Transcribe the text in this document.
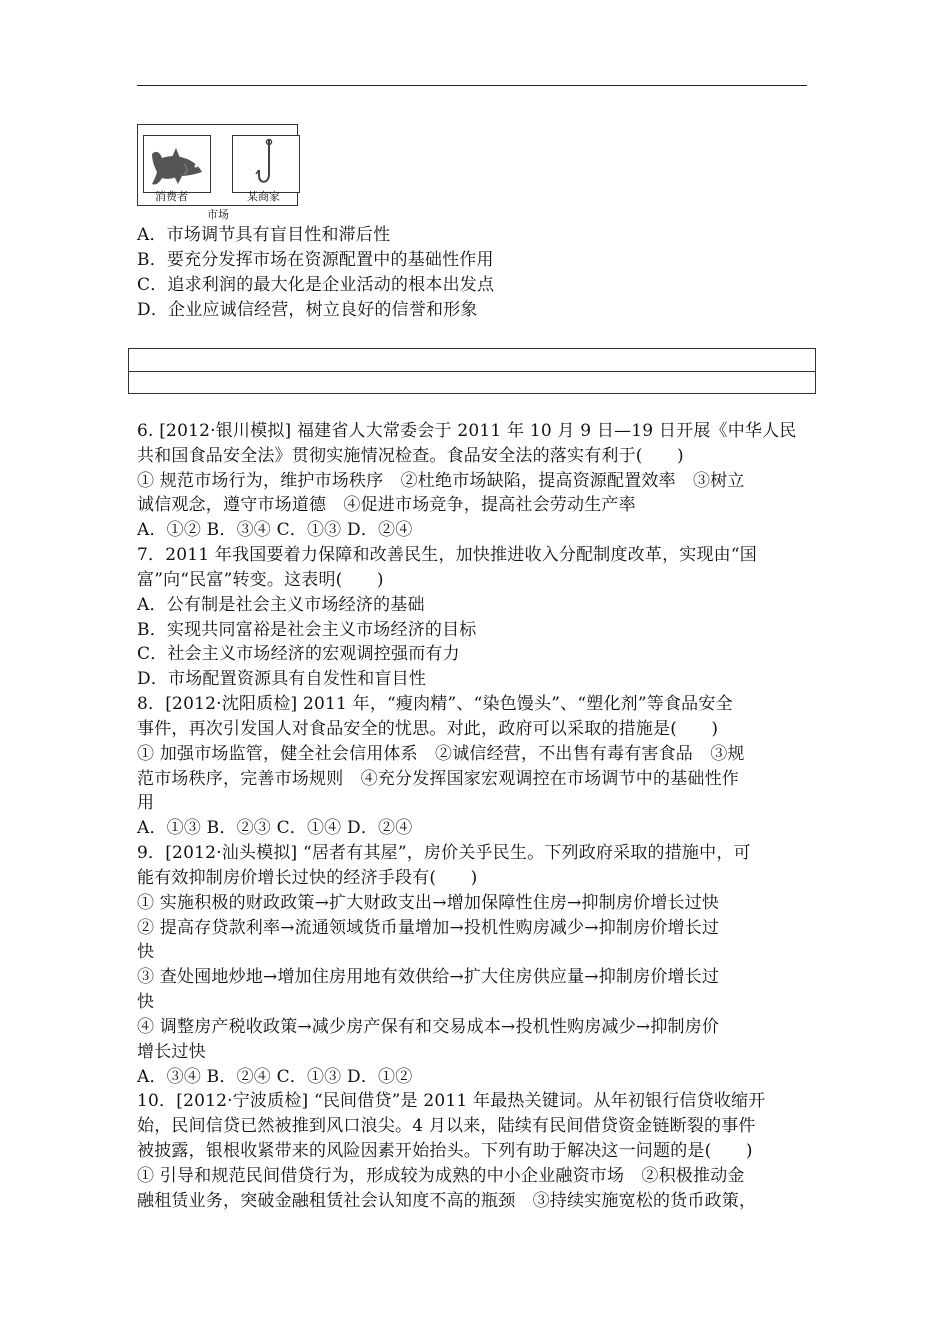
消费者	某商家
市场
A．市场调节具有盲目性和滞后性
B．要充分发挥市场在资源配置中的基础性作用
C．追求利润的最大化是企业活动的根本出发点
D．企业应诚信经营，树立良好的信誉和形象
6. [2012·银川模拟] 福建省人大常委会于 2011 年 10 月 9 日—19 日开展《中华人民
共和国食品安全法》贯彻实施情况检查。食品安全法的落实有利于(　　)
① 规范市场行为，维护市场秩序　②杜绝市场缺陷，提高资源配置效率　③树立
诚信观念，遵守市场道德　④促进市场竞争，提高社会劳动生产率
A．①② B．③④ C．①③ D．②④
7．2011 年我国要着力保障和改善民生，加快推进收入分配制度改革，实现由“国
富”向“民富”转变。这表明(　　)
A．公有制是社会主义市场经济的基础
B．实现共同富裕是社会主义市场经济的目标
C．社会主义市场经济的宏观调控强而有力
D．市场配置资源具有自发性和盲目性
8．[2012·沈阳质检] 2011 年，“瘦肉精”、“染色馒头”、“塑化剂”等食品安全
事件，再次引发国人对食品安全的忧思。对此，政府可以采取的措施是(　　)
① 加强市场监管，健全社会信用体系　②诚信经营，不出售有毒有害食品　③规
范市场秩序，完善市场规则　④充分发挥国家宏观调控在市场调节中的基础性作
用
A．①③ B．②③ C．①④ D．②④
9．[2012·汕头模拟] “居者有其屋”，房价关乎民生。下列政府采取的措施中，可
能有效抑制房价增长过快的经济手段有(　　)
① 实施积极的财政政策→扩大财政支出→增加保障性住房→抑制房价增长过快
② 提高存贷款利率→流通领域货币量增加→投机性购房减少→抑制房价增长过
快
③ 查处囤地炒地→增加住房用地有效供给→扩大住房供应量→抑制房价增长过
快
④ 调整房产税收政策→减少房产保有和交易成本→投机性购房减少→抑制房价
增长过快
A．③④ B．②④ C．①③ D．①②
10．[2012·宁波质检] “民间借贷”是 2011 年最热关键词。从年初银行信贷收缩开
始，民间信贷已然被推到风口浪尖。4 月以来，陆续有民间借贷资金链断裂的事件
被披露，银根收紧带来的风险因素开始抬头。下列有助于解决这一问题的是(　　)
① 引导和规范民间借贷行为，形成较为成熟的中小企业融资市场　②积极推动金
融租赁业务，突破金融租赁社会认知度不高的瓶颈　③持续实施宽松的货币政策，
